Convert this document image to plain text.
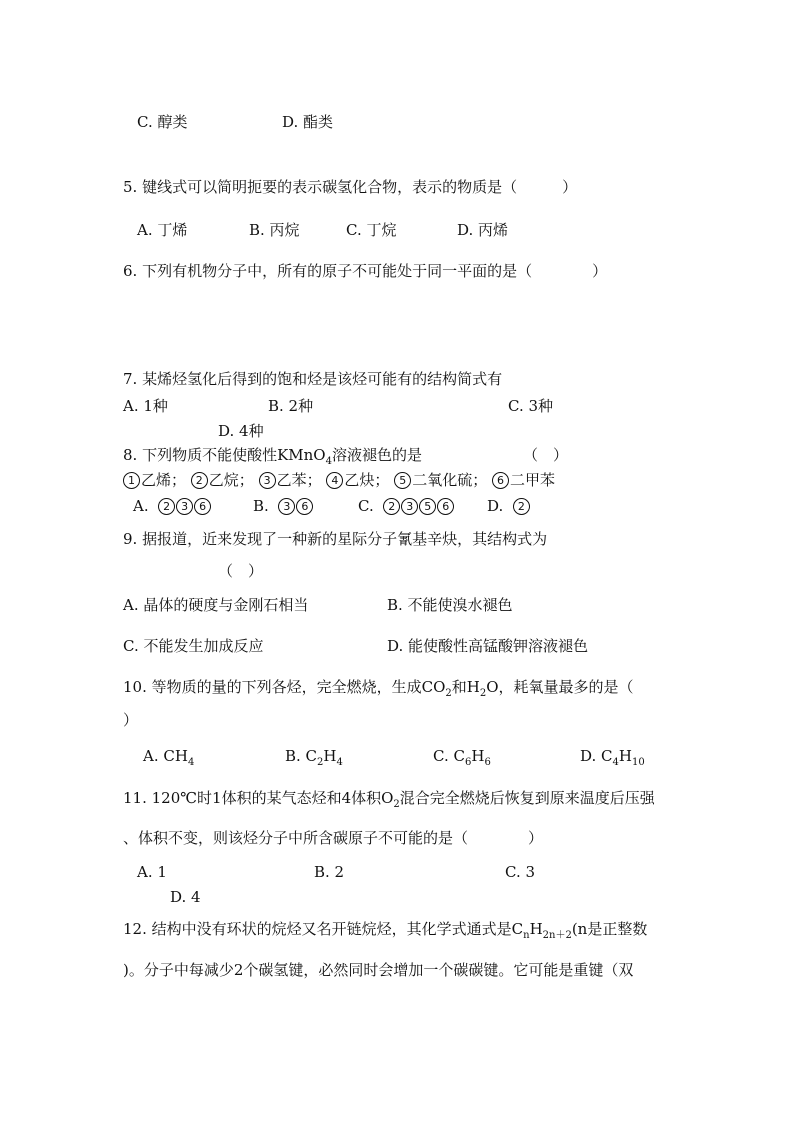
C. 醇类	D. 酯类
5. 键线式可以简明扼要的表示碳氢化合物，表示的物质是（　　　）
A. 丁烯	B. 丙烷	C. 丁烷	D. 丙烯
6. 下列有机物分子中，所有的原子不可能处于同一平面的是（　　　　）
7. 某烯烃氢化后得到的饱和烃是该烃可能有的结构简式有
A. 1种	B. 2种	C. 3种
D. 4种
8. 下列物质不能使酸性KMnO$_4$溶液褪色的是	（　）
1 乙烯； 2 乙烷； 3 乙苯； 4 乙炔； 5 二氧化硫； 6 二甲苯
A. 2 3 6	B. 3 6	C. 2 3 5 6	D. 2
9. 据报道，近来发现了一种新的星际分子氰基辛炔，其结构式为
（　）
A. 晶体的硬度与金刚石相当	B. 不能使溴水褪色
C. 不能发生加成反应	D. 能使酸性高锰酸钾溶液褪色
10. 等物质的量的下列各烃，完全燃烧，生成$CO_2$和$H_2O$，耗氧量最多的是（
）
A. $CH_4$	B. $C_2H_4$	C. $C_6H_6$	D. $C_4H_{10}$
11. 120℃时1体积的某气态烃和4体积$O_2$混合完全燃烧后恢复到原来温度后压强
、体积不变，则该烃分子中所含碳原子不可能的是（　　　　）
A. 1	B. 2	C. 3
D. 4
12. 结构中没有环状的烷烃又名开链烷烃，其化学式通式是$C_nH_{2n+2}(n$是正整数
)。分子中每减少2个碳氢键，必然同时会增加一个碳碳键。它可能是重键（双
